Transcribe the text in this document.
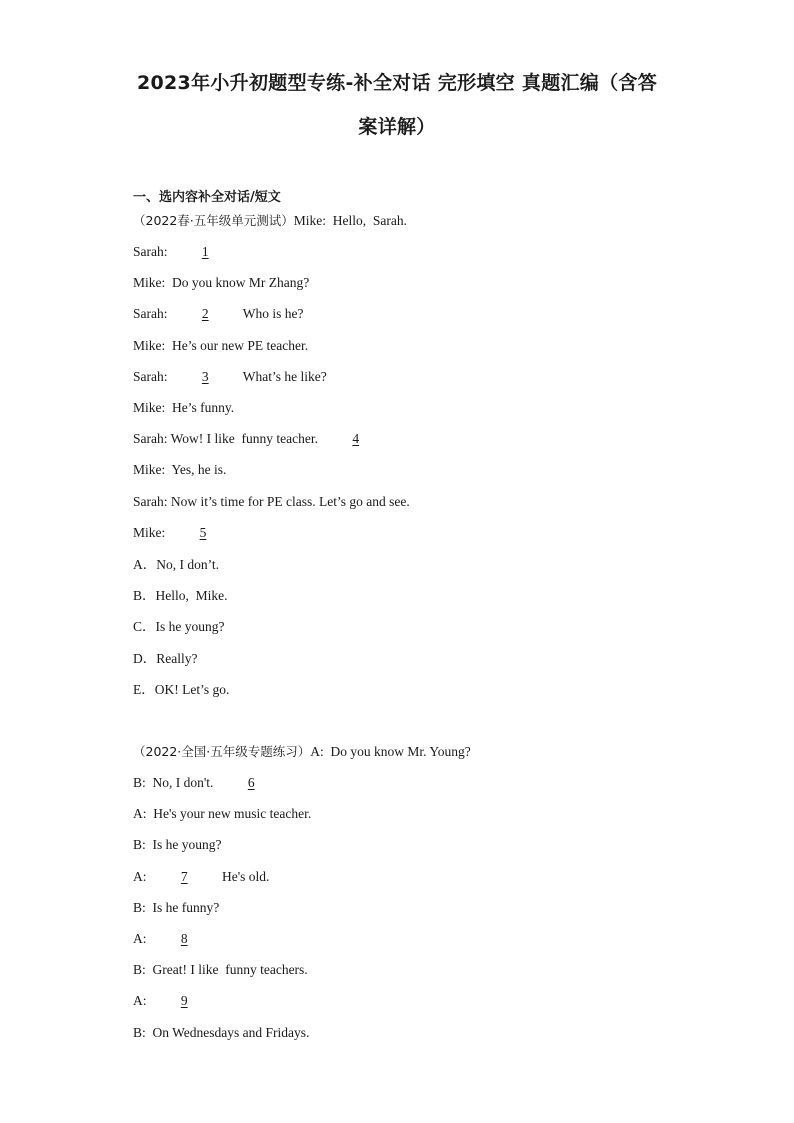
2023年小升初题型专练-补全对话 完形填空 真题汇编（含答
案详解）
一、选内容补全对话/短文
（2022春·五年级单元测试）Mike:  Hello,  Sarah.
Sarah:  1
Mike:  Do you know Mr Zhang?
Sarah:  2  Who is he?
Mike:  He’s our new PE teacher.
Sarah:  3  What’s he like?
Mike:  He’s funny.
Sarah: Wow! I like  funny teacher.  4
Mike:  Yes, he is.
Sarah: Now it’s time for PE class. Let’s go and see.
Mike:  5
A．No, I don’t.
B．Hello,  Mike.
C．Is he young?
D．Really?
E．OK! Let’s go.
（2022·全国·五年级专题练习）A:  Do you know Mr. Young?
B:  No, I don't.  6
A:  He's your new music teacher.
B:  Is he young?
A:  7  He's old.
B:  Is he funny?
A:  8
B:  Great! I like  funny teachers.
A:  9
B:  On Wednesdays and Fridays.
